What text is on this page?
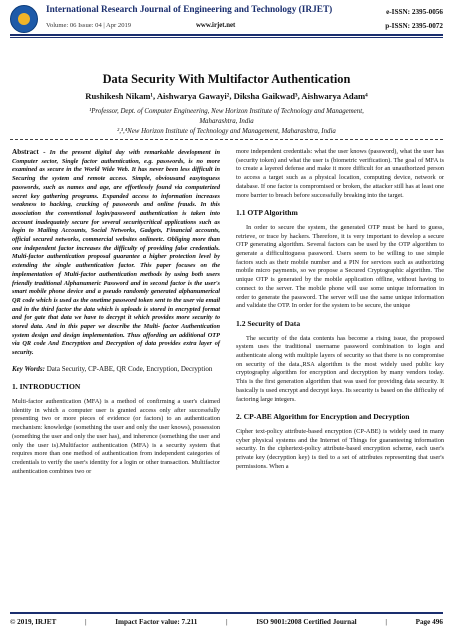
International Research Journal of Engineering and Technology (IRJET)
Volume: 06 Issue: 04 | Apr 2019	www.irjet.net
e-ISSN: 2395-0056
p-ISSN: 2395-0072
Data Security With Multifactor Authentication
Rushikesh Nikam¹, Aishwarya Gawayi², Diksha Gaikwad³, Aishwarya Adam⁴
¹Professor, Dept. of Computer Engineering, New Horizon Institute of Technology and Management,
Maharashtra, India
²,³,⁴New Horizon Institute of Technology and Management, Maharashtra, India
Abstract - In the present digital day with remarkable development in Computer sector, Single factor authentication, e.g. passwords, is no more examined as secure in the World Wide Web. It has never been less difficult in Securing the system and remote access. Simple, obviousand easytoguess passwords, such as names and age, are effortlessly found via computerized secret key gathering programs. Expanded access to information increases weakness to hacking, cracking of passwords and online frauds. In this association the conventional login/password authentication is taken into account inadequately secure for several securitycritical applications such as login to Mailing Accounts, Social Networks, Gadgets, Financial accounts, official secured networks, commercial websites onlineetc. Obliging more than one independent factor increases the difficulty of providing false credentials. Multi-factor authentication proposal guarantee a higher protection level by extending the single authentication factor. This paper focuses on the implementation of Multi-factor authentication methods by using both users friendly traditional Alphanumeric Password and in second factor is the user's smart mobile phone device and a pseudo randomly generated alphanumerical QR code which is used as the onetime password token sent to the user via email and in the third factor the data which is uploads is stored in encrypted format and for gate that data we have to decrypt it which provides more security to stored data. And in this paper we describe the Multi- factor Authentication system design and design implementation. Thus affording an additional OTP via QR code And Encryption and Decryption of data provides extra layer of security.
Key Words: Data Security, CP-ABE, QR Code, Encryption, Decryption
1. INTRODUCTION
Multi-factor authentication (MFA) is a method of confirming a user's claimed identity in which a computer user is granted access only after successfully presenting two or more pieces of evidence (or factors) to an authentication mechanism: knowledge (something the user and only the user knows), possession (something the user and only the user has), and inherence (something the user and only the user is).Multifactor authentication (MFA) is a security system that requires more than one method of authentication from independent categories of credentials to verify the user's identity for a login or other transaction. Multifactor authentication combines two or
more independent credentials: what the user knows (password), what the user has (security token) and what the user is (biometric verification). The goal of MFA is to create a layered defense and make it more difficult for an unauthorized person to access a target such as a physical location, computing device, network or database. If one factor is compromised or broken, the attacker still has at least one more barrier to breach before successfully breaking into the target.
1.1 OTP Algorithm
In order to secure the system, the generated OTP must be hard to guess, retrieve, or trace by hackers. Therefore, it is very important to develop a secure OTP generating algorithm. Several factors can be used by the OTP algorithm to generate a difficulttoguess password. Users seem to be willing to use simple factors such as their mobile number and a PIN for services such as authorizing mobile micro payments, so we propose a Secured Cryptographic algorithm. The unique OTP is generated by the mobile application offline, without having to connect to the server. The mobile phone will use some unique information in order to generate the password. The server will use the same unique information and validate the OTP. In order for the system to be secure, the unique
1.2 Security of Data
The security of the data contents has become a rising issue, the proposed system uses the traditional username password combination to login and authenticate along with multiple layers of security so that there is no compromise on security of the data.,RSA algorithm is the most widely used public key cryptography algorithm for encryption and decryption by many vendors today. This is the first generation algorithm that was used for providing data security. It basically is used encrypt and decrypt keys. Its security is based on the difficulty of factoring large integers.
2. CP-ABE Algorithm for Encryption and Decryption
Cipher text-policy attribute-based encryption (CP-ABE) is widely used in many cyber physical systems and the Internet of Things for guaranteeing information security. In the ciphertext-policy attribute-based encryption scheme, each user's private key (decryption key) is tied to a set of attributes representing that user's permissions. When a
© 2019, IRJET	|	Impact Factor value: 7.211	|	ISO 9001:2008 Certified Journal	|	Page 496
